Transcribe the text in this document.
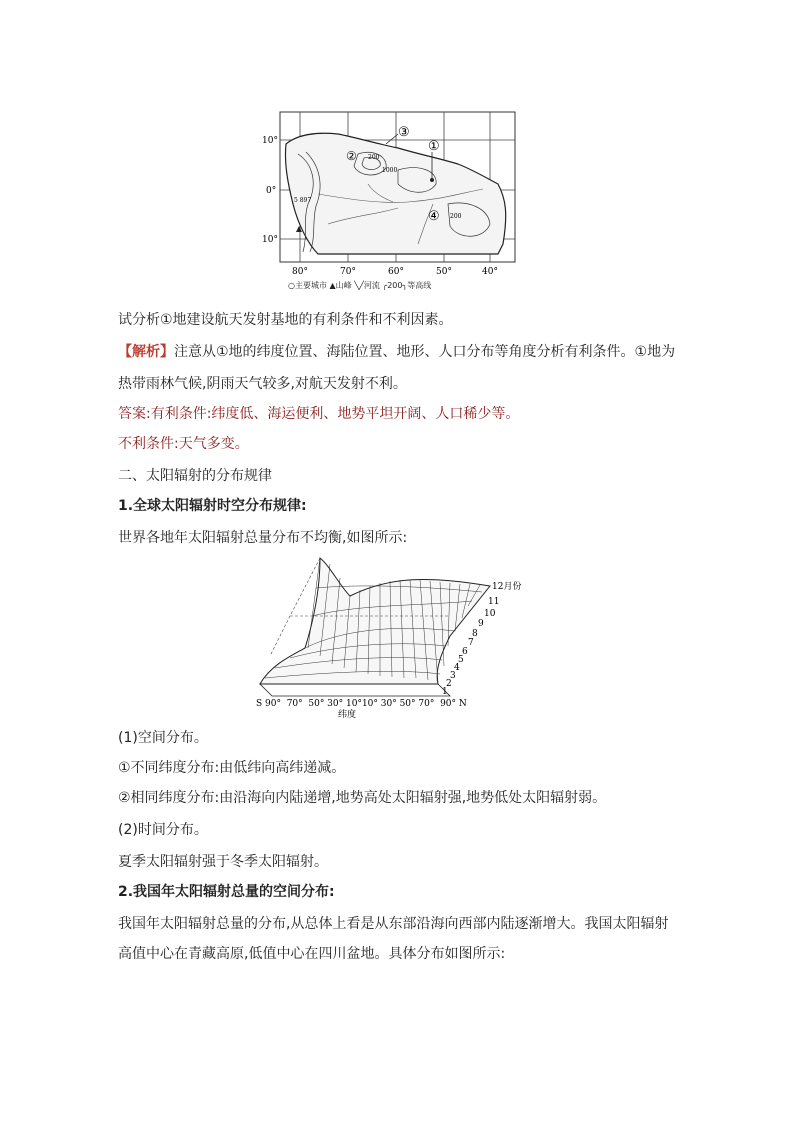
10°
0°
10°
80°	70°	60°	50°	40°
①
②
③
④
200
1000
200
5 897
○主要城市 ▲山峰 ╲╱河流 ╭200╮等高线
试分析①地建设航天发射基地的有利条件和不利因素。
【解析】注意从①地的纬度位置、海陆位置、地形、人口分布等角度分析有利条件。①地为
热带雨林气候,阴雨天气较多,对航天发射不利。
答案:有利条件:纬度低、海运便利、地势平坦开阔、人口稀少等。
不利条件:天气多变。
二、太阳辐射的分布规律
1.全球太阳辐射时空分布规律:
世界各地年太阳辐射总量分布不均衡,如图所示:
12月份
11
10
9
8
7
6
5
4
3
2
1
S 90°  70°  50° 30° 10°10° 30° 50° 70°  90° N
纬度
(1)空间分布。
①不同纬度分布:由低纬向高纬递减。
②相同纬度分布:由沿海向内陆递增,地势高处太阳辐射强,地势低处太阳辐射弱。
(2)时间分布。
夏季太阳辐射强于冬季太阳辐射。
2.我国年太阳辐射总量的空间分布:
我国年太阳辐射总量的分布,从总体上看是从东部沿海向西部内陆逐渐增大。我国太阳辐射
高值中心在青藏高原,低值中心在四川盆地。具体分布如图所示:
